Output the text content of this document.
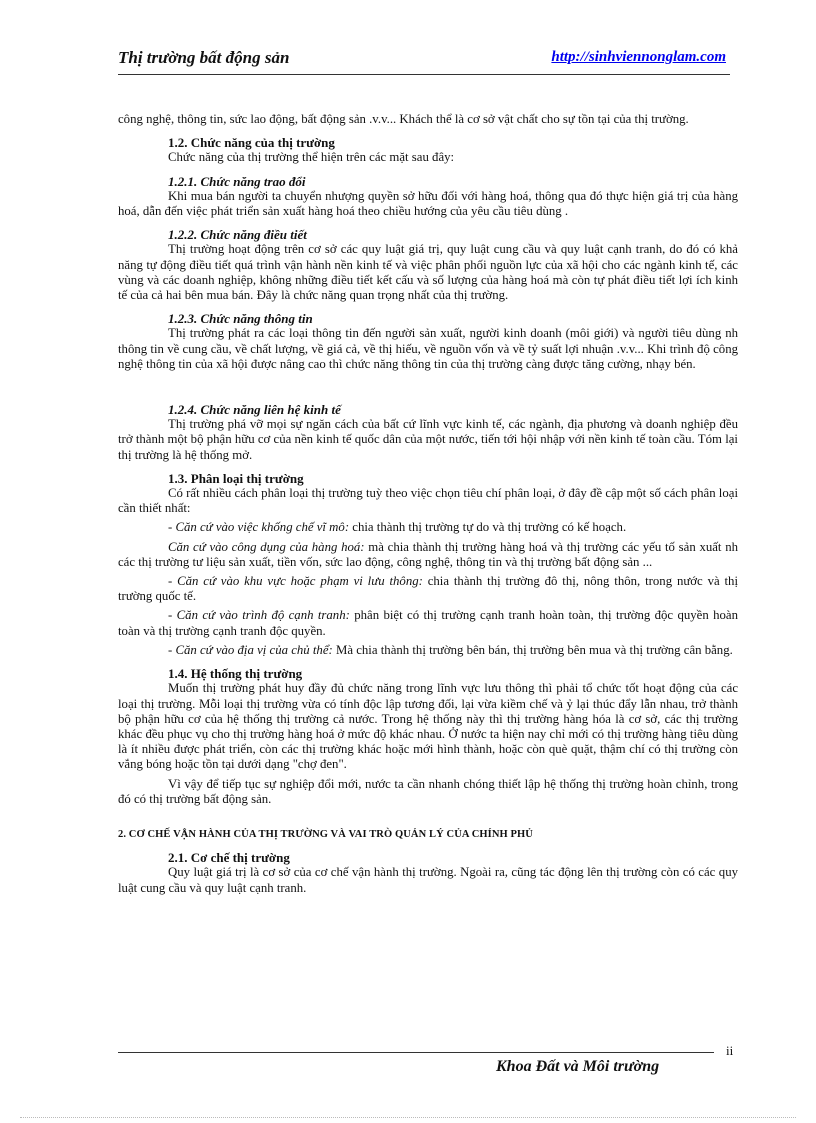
Thị trường bất động sản	http://sinhviennonglam.com

công nghệ, thông tin, sức lao động, bất động sản .v.v... Khách thể là cơ sở vật chất cho sự tồn tại của thị trường.

1.2. Chức năng của thị trường

Chức năng của thị trường thể hiện trên các mặt sau đây:

1.2.1. Chức năng trao đổi

Khi mua bán người ta chuyển nhượng quyền sở hữu đối với hàng hoá, thông qua đó thực hiện giá trị của hàng hoá, dẫn đến việc phát triển sản xuất hàng hoá theo chiều hướng của yêu cầu tiêu dùng .

1.2.2. Chức năng điều tiết

Thị trường hoạt động trên cơ sở các quy luật giá trị, quy luật cung cầu và quy luật cạnh tranh, do đó có khả năng tự động điều tiết quá trình vận hành nền kinh tế và việc phân phối nguồn lực của xã hội cho các ngành kinh tế, các vùng và các doanh nghiệp, không những điều tiết kết cấu và số lượng của hàng hoá mà còn tự phát điều tiết lợi ích kinh tế của cả hai bên mua bán. Đây là chức năng quan trọng nhất của thị trường.

1.2.3. Chức năng thông tin

Thị trường phát ra các loại thông tin đến người sản xuất, người kinh doanh (môi giới) và người tiêu dùng nh thông tin về cung cầu, về chất lượng, về giá cả, về thị hiếu, về nguồn vốn và về tỷ suất lợi nhuận .v.v... Khi trình độ công nghệ thông tin của xã hội được nâng cao thì chức năng thông tin của thị trường càng được tăng cường, nhạy bén.

1.2.4. Chức năng liên hệ kinh tế

Thị trường phá vỡ mọi sự ngăn cách của bất cứ lĩnh vực kinh tế, các ngành, địa phương và doanh nghiệp đều trở thành một bộ phận hữu cơ của nền kinh tế quốc dân của một nước, tiến tới hội nhập với nền kinh tế toàn cầu. Tóm lại thị trường là hệ thống mở.

1.3. Phân loại thị trường

Có rất nhiều cách phân loại thị trường tuỳ theo việc chọn tiêu chí phân loại, ở đây đề cập một số cách phân loại cần thiết nhất:

- Căn cứ vào việc khống chế vĩ mô: chia thành thị trường tự do và thị trường có kế hoạch.

Căn cứ vào công dụng của hàng hoá: mà chia thành thị trường hàng hoá và thị trường các yếu tố sản xuất nh các thị trường tư liệu sản xuất, tiền vốn, sức lao động, công nghệ, thông tin và thị trường bất động sản ...

- Căn cứ vào khu vực hoặc phạm vi lưu thông: chia thành thị trường đô thị, nông thôn, trong nước và thị trường quốc tế.

- Căn cứ vào trình độ cạnh tranh: phân biệt có thị trường cạnh tranh hoàn toàn, thị trường độc quyền hoàn toàn và thị trường cạnh tranh độc quyền.

- Căn cứ vào địa vị của chủ thể: Mà chia thành thị trường bên bán, thị trường bên mua và thị trường cân bằng.

1.4. Hệ thống thị trường

Muốn thị trường phát huy đầy đủ chức năng trong lĩnh vực lưu thông thì phải tổ chức tốt hoạt động của các loại thị trường. Mỗi loại thị trường vừa có tính độc lập tương đối, lại vừa kiềm chế và ỷ lại thúc đẩy lẫn nhau, trở thành bộ phận hữu cơ của hệ thống thị trường cả nước. Trong hệ thống này thì thị trường hàng hóa là cơ sở, các thị trường khác đều phục vụ cho thị trường hàng hoá ở mức độ khác nhau. Ở nước ta hiện nay chỉ mới có thị trường hàng tiêu dùng là ít nhiều được phát triển, còn các thị trường khác hoặc mới hình thành, hoặc còn què quặt, thậm chí có thị trường còn vắng bóng hoặc tồn tại dưới dạng "chợ đen".

Vì vậy để tiếp tục sự nghiệp đổi mới, nước ta cần nhanh chóng thiết lập hệ thống thị trường hoàn chỉnh, trong đó có thị trường bất động sản.

2. CƠ CHẾ VẬN HÀNH CỦA THỊ TRƯỜNG VÀ VAI TRÒ QUẢN LÝ CỦA CHÍNH PHỦ

2.1. Cơ chế thị trường

Quy luật giá trị là cơ sở của cơ chế vận hành thị trường. Ngoài ra, cũng tác động lên thị trường còn có các quy luật cung cầu và quy luật cạnh tranh.

ii
Khoa Đất và Môi trường
